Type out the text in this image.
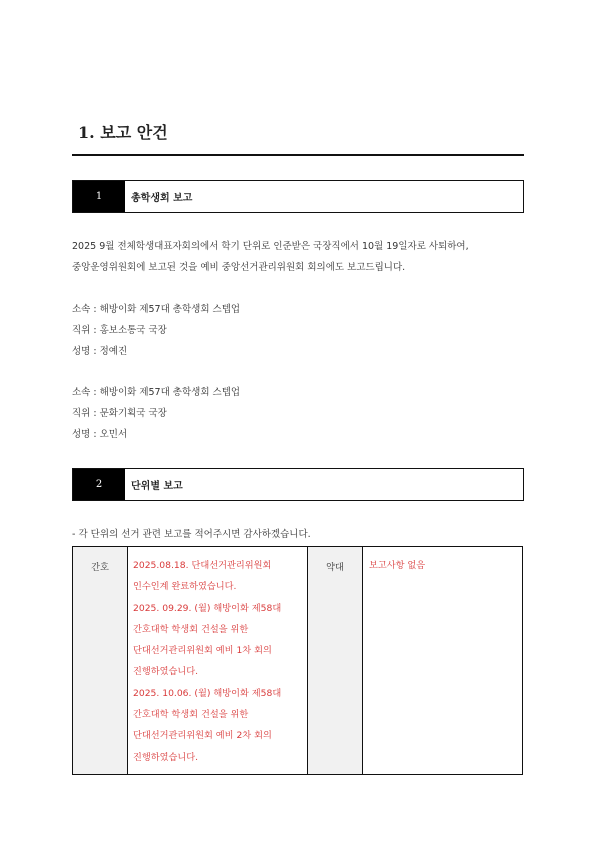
1. 보고 안건
1	총학생회 보고
2025 9월 전체학생대표자회의에서 학기 단위로 인준받은 국장직에서 10월 19일자로 사퇴하여,
중앙운영위원회에 보고된 것을 예비 중앙선거관리위원회 회의에도 보고드립니다.
소속 : 해방이화 제57대 총학생회 스텝업
직위 : 홍보소통국 국장
성명 : 정예진
소속 : 해방이화 제57대 총학생회 스텝업
직위 : 문화기획국 국장
성명 : 오민서
2	단위별 보고
- 각 단위의 선거 관련 보고를 적어주시면 감사하겠습니다.
간호	2025.08.18. 단대선거관리위원회
인수인계 완료하였습니다.
2025. 09.29. (월) 해방이화 제58대
간호대학 학생회 건설을 위한
단대선거관리위원회 예비 1차 회의
진행하였습니다.
2025. 10.06. (월) 해방이화 제58대
간호대학 학생회 건설을 위한
단대선거관리위원회 예비 2차 회의
진행하였습니다.
	약대	보고사항 없음
